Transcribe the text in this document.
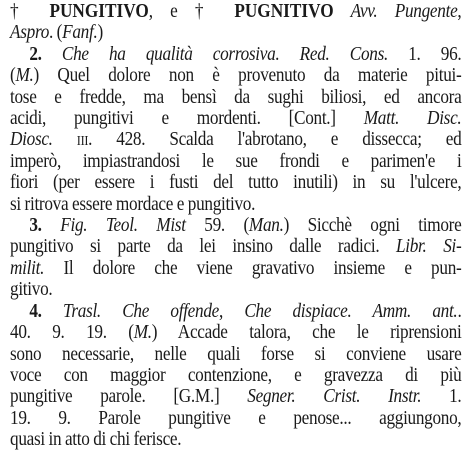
† PUNGITIVO, e † PUGNITIVO Avv. Pungente,
Aspro. (Fanf.)
2. Che ha qualità corrosiva. Red. Cons. 1. 96.
(M.) Quel dolore non è provenuto da materie pitui-
tose e fredde, ma bensì da sughi biliosi, ed ancora
acidi, pungitivi e mordenti. [Cont.] Matt. Disc.
Diosc. iii. 428. Scalda l'abrotano, e dissecca; ed
imperò, impiastrandosi le sue frondi e parimen'e i
fiori (per essere i fusti del tutto inutili) in su l'ulcere,
si ritrova essere mordace e pungitivo.
3. Fig. Teol. Mist 59. (Man.) Sicchè ogni timore
pungitivo si parte da lei insino dalle radici. Libr. Si-
milit. Il dolore che viene gravativo insieme e pun-
gitivo.
4. Trasl. Che offende, Che dispiace. Amm. ant..
40. 9. 19. (M.) Accade talora, che le riprensioni
sono necessarie, nelle quali forse si conviene usare
voce con maggior contenzione, e gravezza di più
pungitive parole. [G.M.] Segner. Crist. Instr. 1.
19. 9. Parole pungitive e penose... aggiungono,
quasi in atto di chi ferisce.
